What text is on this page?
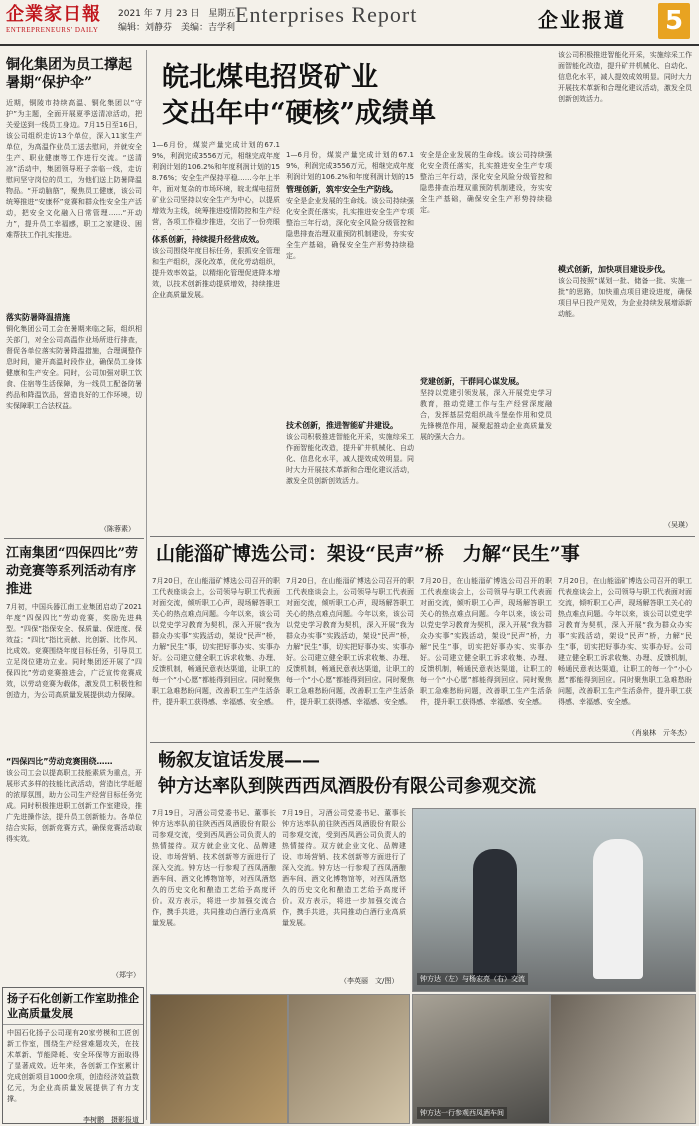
企業家日報
ENTREPRENEURS' DAILY
2021 年 7 月 23 日　星期五
编辑：刘静芬　美编：吉学利
Enterprises Report	企业报道 5
铜化集团为员工撑起
暑期“保护伞”
近期，铜陵市持续高温、铜化集团以“守护”为主题，全面开展夏季送清凉活动，把关爱送到一线员工身边。7月15日至16日，该公司组织走访13个单位，深入11家生产单位，为高温作业员工送去慰问，并就安全生产、职业健康等工作进行交流。“送清凉”活动中，集团领导班子亲临一线，走访慰问坚守岗位的员工，为他们送上防暑降温物品。“开动脑筋”，聚焦员工健康，该公司统筹推进“安康杯”竞赛和群众性安全生产活动，把安全文化融入日常管理……“开动力”，提升员工幸福感，职工之家建设、困难帮扶工作扎实推进。
落实防暑降温措施
铜化集团公司工会在暑期来临之际，组织相关部门，对全公司高温作业场所进行排查，督促各单位落实防暑降温措施，合理调整作息时间，避开高温时段作业，确保员工身体健康和生产安全。同时，公司加强对职工饮食、住宿等生活保障，为一线员工配备防暑药品和降温饮品，营造良好的工作环境，切实保障职工合法权益。
（陈蓉素）
江南集团“四保四比”劳动竞赛等系列活动有序推进
7月初，中国兵器江南工业集团启动了2021年度“四保四比”劳动竞赛，奖励先进典型。“四保”指保安全、保质量、保进度、保效益；“四比”指比贡献、比创新、比作风、比成效。竞赛围绕年度目标任务，引导员工立足岗位建功立业。同时集团还开展了“四保四比”劳动竞赛推进会，广泛宣传竞赛成效，以劳动竞赛为载体，激发员工积极性和创造力，为公司高质量发展提供动力保障。
“四保四比”劳动竞赛围绕……
该公司工会以提高职工技能素质为重点，开展形式多样的技能比武活动，营造比学赶超的浓厚氛围，助力公司生产经营目标任务完成。同时积极推进职工创新工作室建设，推广先进操作法，提升员工创新能力。各单位结合实际，创新竞赛方式，确保竞赛活动取得实效。
（郑宇）
扬子石化创新工作室助推企业高质量发展
中国石化扬子公司现有20家劳模和工匠创新工作室，围绕生产经营难题攻关，在技术革新、节能降耗、安全环保等方面取得了显著成效。近年来，各创新工作室累计完成创新项目1000余项，创造经济效益数亿元，为企业高质量发展提供了有力支撑。
李树鹏　摄影报道
皖北煤电招贤矿业
交出年中“硬核”成绩单
1—6月份，煤炭产量完成计划的67.19%，利润完成3556万元，相继完成年度利润计划的106.2%和年度利润计划的158.76%；安全生产保持平稳……今年上半年，面对复杂的市场环境，皖北煤电招贤矿业公司坚持以安全生产为中心，以提质增效为主线，统筹推进疫情防控和生产经营，各项工作稳步推进，交出了一份亮眼
体系创新，持续提升经营成效。
该公司围绕年度目标任务，狠抓安全管理和生产组织，深化改革，优化劳动组织，提升效率效益，以精细化管理促进降本增效，以技术创新推动提质增效，持续推进企业高质量发展。
1—6月份，煤炭产量完成计划的67.19%，利润完成3556万元，相继完成年度利润计划的106.2%和年度利润计划的15
管理创新，筑牢安全生产防线。
安全是企业发展的生命线。该公司持续强化安全责任落实，扎实推进安全生产专项整治三年行动，深化安全风险分级管控和隐患排查治理双重预防机制建设，夯实安全生产基础，确保安全生产形势持续稳定。
技术创新，推进智能矿井建设。
该公司积极推进智能化开采，实施综采工作面智能化改造，提升矿井机械化、自动化、信息化水平，减人提效成效明显。同时大力开展技术革新和合理化建议活动，激发全员创新创效活力。
安全是企业发展的生命线。该公司持续强化安全责任落实，扎实推进安全生产专项整治三年行动，深化安全风险分级管控和隐患排查治理双重预防机制建设，夯实安全生产基础，确保安全生产形势持续稳定。
党建创新，干群同心谋发展。
坚持以党建引领发展，深入开展党史学习教育，推动党建工作与生产经营深度融合，发挥基层党组织战斗堡垒作用和党员先锋模范作用，凝聚起推动企业高质量发展的强大合力。
该公司积极推进智能化开采，实施综采工作面智能化改造，提升矿井机械化、自动化、信息化水平，减人提效成效明显。同时大力开展技术革新和合理化建议活动，激发全员创新创效活力。
模式创新，加快项目建设步伐。
该公司按照“谋划一批、储备一批、实施一批”的思路，加快重点项目建设进度，确保项目早日投产见效，为企业持续发展增添新动能。
（吴瑛）
山能淄矿博选公司：架设“民声”桥　力解“民生”事
7月20日，在山能淄矿博选公司召开的职工代表座谈会上，公司领导与职工代表面对面交流，倾听职工心声，现场解答职工关心的热点难点问题。今年以来，该公司以党史学习教育为契机，深入开展“我为群众办实事”实践活动，架设“民声”桥，力解“民生”事，切实把好事办实、实事办好。公司建立健全职工诉求收集、办理、反馈机制，畅通民意表达渠道，让职工的每一个“小心愿”都能得到回应。同时聚焦职工急难愁盼问题，改善职工生产生活条件，提升职工获得感、幸福感、安全感。
7月20日，在山能淄矿博选公司召开的职工代表座谈会上，公司领导与职工代表面对面交流，倾听职工心声，现场解答职工关心的热点难点问题。今年以来，该公司以党史学习教育为契机，深入开展“我为群众办实事”实践活动，架设“民声”桥，力解“民生”事，切实把好事办实、实事办好。公司建立健全职工诉求收集、办理、反馈机制，畅通民意表达渠道，让职工的每一个“小心愿”都能得到回应。同时聚焦职工急难愁盼问题，改善职工生产生活条件，提升职工获得感、幸福感、安全感。
7月20日，在山能淄矿博选公司召开的职工代表座谈会上，公司领导与职工代表面对面交流，倾听职工心声，现场解答职工关心的热点难点问题。今年以来，该公司以党史学习教育为契机，深入开展“我为群众办实事”实践活动，架设“民声”桥，力解“民生”事，切实把好事办实、实事办好。公司建立健全职工诉求收集、办理、反馈机制，畅通民意表达渠道，让职工的每一个“小心愿”都能得到回应。同时聚焦职工急难愁盼问题，改善职工生产生活条件，提升职工获得感、幸福感、安全感。
7月20日，在山能淄矿博选公司召开的职工代表座谈会上，公司领导与职工代表面对面交流，倾听职工心声，现场解答职工关心的热点难点问题。今年以来，该公司以党史学习教育为契机，深入开展“我为群众办实事”实践活动，架设“民声”桥，力解“民生”事，切实把好事办实、实事办好。公司建立健全职工诉求收集、办理、反馈机制，畅通民意表达渠道，让职工的每一个“小心愿”都能得到回应。同时聚焦职工急难愁盼问题，改善职工生产生活条件，提升职工获得感、幸福感、安全感。
（肖泉林　亓冬杰）
畅叙友谊话发展——
钟方达率队到陕西西凤酒股份有限公司参观交流
7月19日，习酒公司党委书记、董事长钟方达率队前往陕西西凤酒股份有限公司参观交流，受到西凤酒公司负责人的热情接待。双方就企业文化、品牌建设、市场营销、技术创新等方面进行了深入交流。钟方达一行参观了西凤酒酿酒车间、酒文化博物馆等，对西凤酒悠久的历史文化和酿造工艺给予高度评价。双方表示，将进一步加强交流合作，携手共进，共同推动白酒行业高质量发展。
7月19日，习酒公司党委书记、董事长钟方达率队前往陕西西凤酒股份有限公司参观交流，受到西凤酒公司负责人的热情接待。双方就企业文化、品牌建设、市场营销、技术创新等方面进行了深入交流。钟方达一行参观了西凤酒酿酒车间、酒文化博物馆等，对西凤酒悠久的历史文化和酿造工艺给予高度评价。双方表示，将进一步加强交流合作，携手共进，共同推动白酒行业高质量发展。
（李英丽　文/图）	钟方达（左）与杨宏亮（右）交流
钟方达一行参观西凤酒车间
